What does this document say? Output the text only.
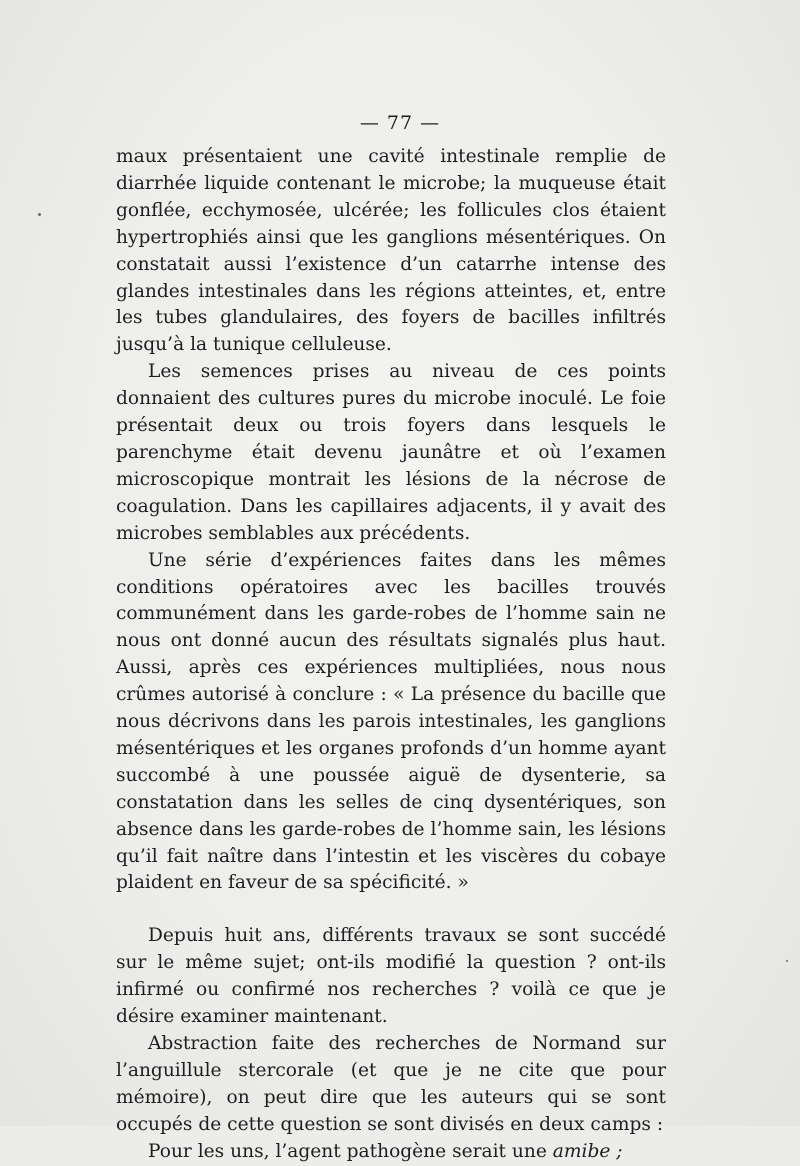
— 77 —

maux présentaient une cavité intestinale remplie de diarrhée liquide contenant le microbe; la muqueuse était gonflée, ecchymosée, ulcérée; les follicules clos étaient hypertrophiés ainsi que les ganglions mésentériques. On constatait aussi l’existence d’un catarrhe intense des glandes intestinales dans les régions atteintes, et, entre les tubes glandulaires, des foyers de bacilles infiltrés jusqu’à la tunique celluleuse.

Les semences prises au niveau de ces points donnaient des cultures pures du microbe inoculé. Le foie présentait deux ou trois foyers dans lesquels le parenchyme était devenu jaunâtre et où l’examen microscopique montrait les lésions de la nécrose de coagulation. Dans les capillaires adjacents, il y avait des microbes semblables aux précédents.

Une série d’expériences faites dans les mêmes conditions opératoires avec les bacilles trouvés communément dans les garde-robes de l’homme sain ne nous ont donné aucun des résultats signalés plus haut. Aussi, après ces expériences multipliées, nous nous crûmes autorisé à conclure : « La présence du bacille que nous décrivons dans les parois intestinales, les ganglions mésentériques et les organes profonds d’un homme ayant succombé à une poussée aiguë de dysenterie, sa constatation dans les selles de cinq dysentériques, son absence dans les garde-robes de l’homme sain, les lésions qu’il fait naître dans l’intestin et les viscères du cobaye plaident en faveur de sa spécificité. »

Depuis huit ans, différents travaux se sont succédé sur le même sujet; ont-ils modifié la question ? ont-ils infirmé ou confirmé nos recherches ? voilà ce que je désire examiner maintenant.

Abstraction faite des recherches de Normand sur l’anguillule stercorale (et que je ne cite que pour mémoire), on peut dire que les auteurs qui se sont occupés de cette question se sont divisés en deux camps :

Pour les uns, l’agent pathogène serait une amibe ;
